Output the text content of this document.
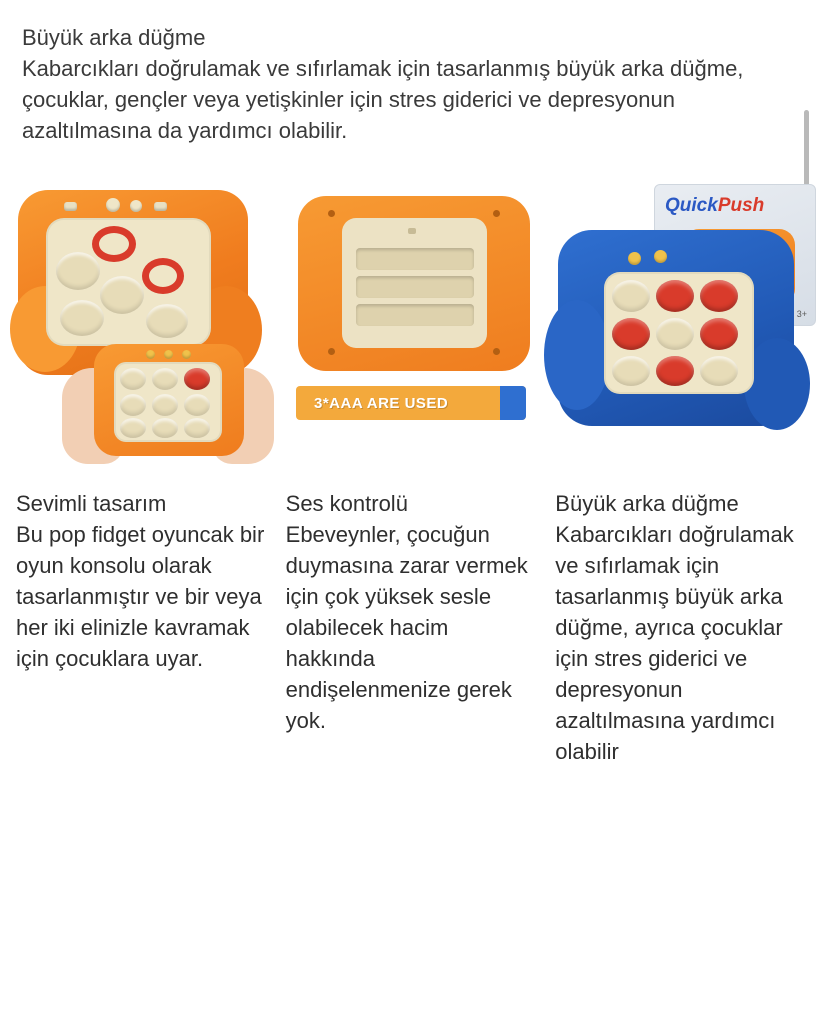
Büyük arka düğme
Kabarcıkları doğrulamak ve sıfırlamak için tasarlanmış büyük arka düğme, çocuklar, gençler veya yetişkinler için stres giderici ve depresyonun azaltılmasına da yardımcı olabilir.
3*AAA ARE USED
QuickPush
3+
Sevimli tasarım
Bu pop fidget oyuncak bir oyun konsolu olarak tasarlanmıştır ve bir veya her iki elinizle kavramak için çocuklara uyar.
Ses kontrolü
Ebeveynler, çocuğun duymasına zarar vermek için çok yüksek sesle olabilecek hacim hakkında endişelenmenize gerek yok.
Büyük arka düğme
Kabarcıkları doğrulamak ve sıfırlamak için tasarlanmış büyük arka düğme, ayrıca çocuklar için stres giderici ve depresyonun azaltılmasına yardımcı olabilir
